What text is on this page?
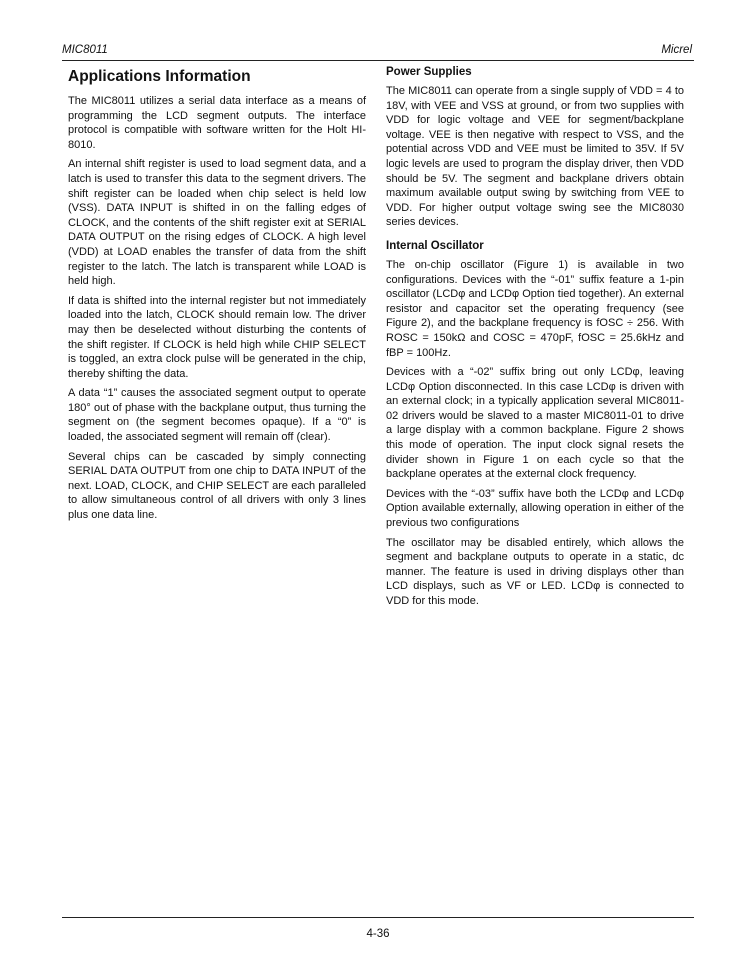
MIC8011	Micrel
Applications Information

The MIC8011 utilizes a serial data interface as a means of programming the LCD segment outputs. The interface protocol is compatible with software written for the Holt HI-8010.

An internal shift register is used to load segment data, and a latch is used to transfer this data to the segment drivers. The shift register can be loaded when chip select is held low (VSS). DATA INPUT is shifted in on the falling edges of CLOCK, and the contents of the shift register exit at SERIAL DATA OUTPUT on the rising edges of CLOCK. A high level (VDD) at LOAD enables the transfer of data from the shift register to the latch. The latch is transparent while LOAD is held high.

If data is shifted into the internal register but not immediately loaded into the latch, CLOCK should remain low. The driver may then be deselected without disturbing the contents of the shift register. If CLOCK is held high while CHIP SELECT is toggled, an extra clock pulse will be generated in the chip, thereby shifting the data.

A data “1” causes the associated segment output to operate 180° out of phase with the backplane output, thus turning the segment on (the segment becomes opaque). If a “0” is loaded, the associated segment will remain off (clear).

Several chips can be cascaded by simply connecting SERIAL DATA OUTPUT from one chip to DATA INPUT of the next. LOAD, CLOCK, and CHIP SELECT are each paralleled to allow simultaneous control of all drivers with only 3 lines plus one data line.

Power Supplies

The MIC8011 can operate from a single supply of VDD = 4 to 18V, with VEE and VSS at ground, or from two supplies with VDD for logic voltage and VEE for segment/backplane voltage. VEE is then negative with respect to VSS, and the potential across VDD and VEE must be limited to 35V. If 5V logic levels are used to program the display driver, then VDD should be 5V. The segment and backplane drivers obtain maximum available output swing by switching from VEE to VDD. For higher output voltage swing see the MIC8030 series devices.

Internal Oscillator

The on-chip oscillator (Figure 1) is available in two configurations. Devices with the “-01” suffix feature a 1-pin oscillator (LCDφ and LCDφ Option tied together). An external resistor and capacitor set the operating frequency (see Figure 2), and the backplane frequency is fOSC ÷ 256. With ROSC = 150kΩ and COSC = 470pF, fOSC = 25.6kHz and fBP = 100Hz.

Devices with a “-02” suffix bring out only LCDφ, leaving LCDφ Option disconnected. In this case LCDφ is driven with an external clock; in a typically application several MIC8011-02 drivers would be slaved to a master MIC8011-01 to drive a large display with a common backplane. Figure 2 shows this mode of operation. The input clock signal resets the divider shown in Figure 1 on each cycle so that the backplane operates at the external clock frequency.

Devices with the “-03” suffix have both the LCDφ and LCDφ Option available externally, allowing operation in either of the previous two configurations

The oscillator may be disabled entirely, which allows the segment and backplane outputs to operate in a static, dc manner. The feature is used in driving displays other than LCD displays, such as VF or LED. LCDφ is connected to VDD for this mode.

4-36
